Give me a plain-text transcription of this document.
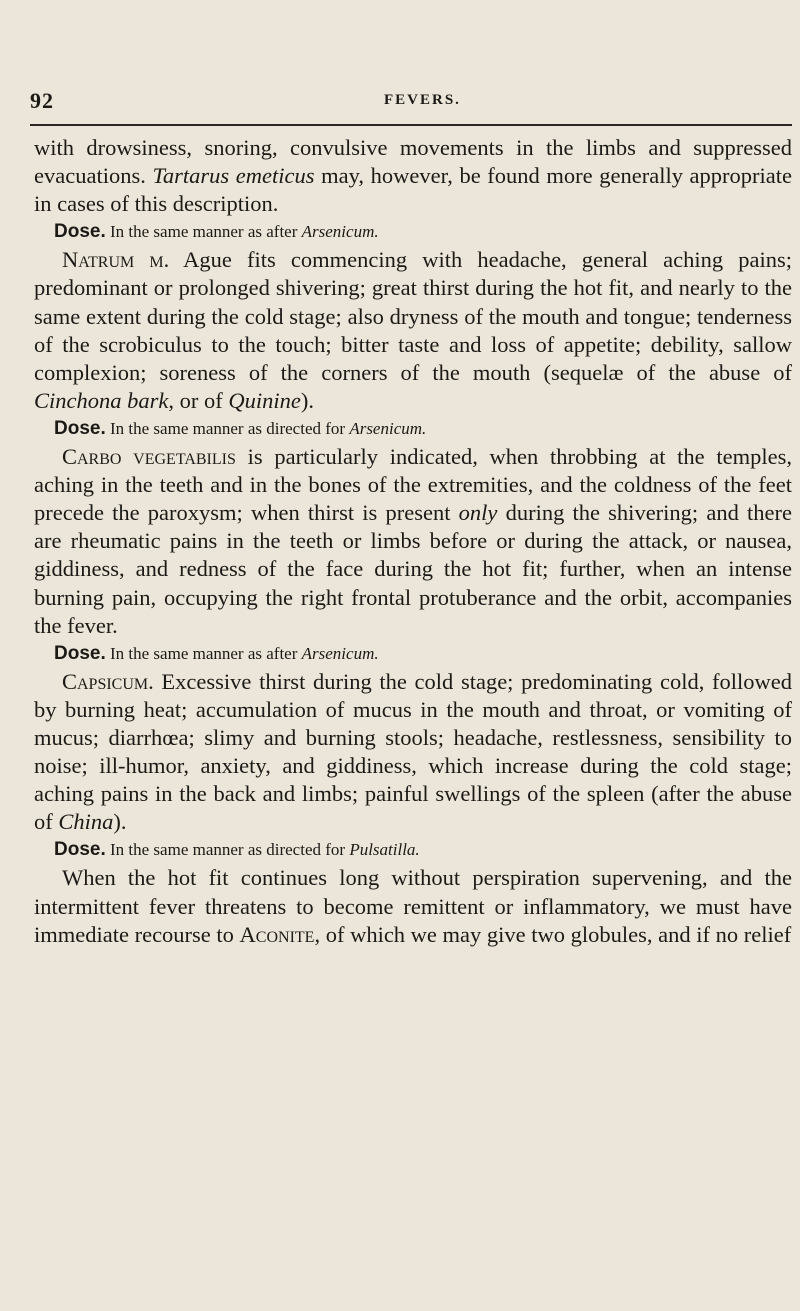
92	FEVERS.

with drowsiness, snoring, convulsive movements in the limbs and suppressed evacuations. Tartarus emeticus may, however, be found more generally appropriate in cases of this description.

Dose. In the same manner as after Arsenicum.

Natrum m. Ague fits commencing with headache, general aching pains; predominant or prolonged shivering; great thirst during the hot fit, and nearly to the same extent during the cold stage; also dryness of the mouth and tongue; tenderness of the scrobiculus to the touch; bitter taste and loss of appetite; debility, sallow complexion; soreness of the corners of the mouth (sequelæ of the abuse of Cinchona bark, or of Quinine).

Dose. In the same manner as directed for Arsenicum.

Carbo vegetabilis is particularly indicated, when throbbing at the temples, aching in the teeth and in the bones of the extremities, and the coldness of the feet precede the paroxysm; when thirst is present only during the shivering; and there are rheumatic pains in the teeth or limbs before or during the attack, or nausea, giddiness, and redness of the face during the hot fit; further, when an intense burning pain, occupying the right frontal protuberance and the orbit, accompanies the fever.

Dose. In the same manner as after Arsenicum.

Capsicum. Excessive thirst during the cold stage; predominating cold, followed by burning heat; accumulation of mucus in the mouth and throat, or vomiting of mucus; diarrhœa; slimy and burning stools; headache, restlessness, sensibility to noise; ill-humor, anxiety, and giddiness, which increase during the cold stage; aching pains in the back and limbs; painful swellings of the spleen (after the abuse of China).

Dose. In the same manner as directed for Pulsatilla.

When the hot fit continues long without perspiration supervening, and the intermittent fever threatens to become remittent or inflammatory, we must have immediate recourse to Aconite, of which we may give two globules, and if no relief
